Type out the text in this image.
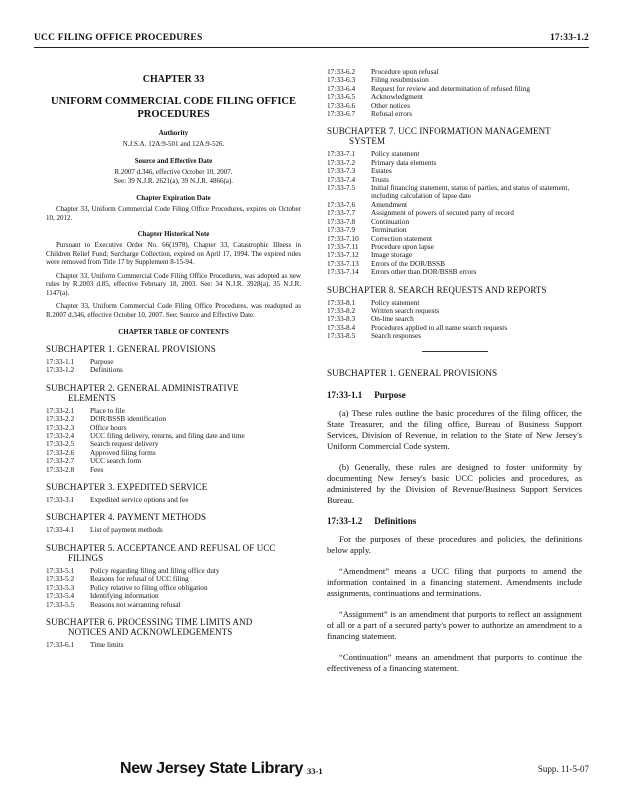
UCC FILING OFFICE PROCEDURES	17:33-1.2
CHAPTER 33
UNIFORM COMMERCIAL CODE FILING OFFICE PROCEDURES
Authority
N.J.S.A. 12A:9-501 and 12A:9-526.
Source and Effective Date
R.2007 d.346, effective October 10, 2007.
See: 39 N.J.R. 2621(a), 39 N.J.R. 4866(a).
Chapter Expiration Date
Chapter 33, Uniform Commercial Code Filing Office Procedures, expires on October 10, 2012.
Chapter Historical Note
Pursuant to Executive Order No. 66(1978), Chapter 33, Catastrophic Illness in Children Relief Fund; Surcharge Collection, expired on April 17, 1994. The expired rules were removed from Title 17 by Supplement 8-15-94.
Chapter 33, Uniform Commercial Code Filing Office Procedures, was adopted as new rules by R.2003 d.85, effective February 18, 2003. See: 34 N.J.R. 3928(a), 35 N.J.R. 1147(a).
Chapter 33, Uniform Commercial Code Filing Office Procedures, was readopted as R.2007 d.346, effective October 10, 2007. See: Source and Effective Date.
CHAPTER TABLE OF CONTENTS
SUBCHAPTER 1. GENERAL PROVISIONS
17:33-1.1	Purpose
17:33-1.2	Definitions
SUBCHAPTER 2. GENERAL ADMINISTRATIVE
ELEMENTS
17:33-2.1	Place to file
17:33-2.2	DOR/BSSB identification
17:33-2.3	Office hours
17:33-2.4	UCC filing delivery, returns, and filing date and time
17:33-2.5	Search request delivery
17:33-2.6	Approved filing forms
17:33-2.7	UCC search form
17:33-2.8	Fees
SUBCHAPTER 3. EXPEDITED SERVICE
17:33-3.1	Expedited service options and fee
SUBCHAPTER 4. PAYMENT METHODS
17:33-4.1	List of payment methods
SUBCHAPTER 5. ACCEPTANCE AND REFUSAL OF UCC
FILINGS
17:33-5.1	Policy regarding filing and filing office duty
17:33-5.2	Reasons for refusal of UCC filing
17:33-5.3	Policy relative to filing office obligation
17:33-5.4	Identifying information
17:33-5.5	Reasons not warranting refusal
SUBCHAPTER 6. PROCESSING TIME LIMITS AND
NOTICES AND ACKNOWLEDGEMENTS
17:33-6.1	Time limits
17:33-6.2	Procedure upon refusal
17:33-6.3	Filing resubmission
17:33-6.4	Request for review and determination of refused filing
17:33-6.5	Acknowledgment
17:33-6.6	Other notices
17:33-6.7	Refusal errors
SUBCHAPTER 7. UCC INFORMATION MANAGEMENT
SYSTEM
17:33-7.1	Policy statement
17:33-7.2	Primary data elements
17:33-7.3	Estates
17:33-7.4	Trusts
17:33-7.5	Initial financing statement, status of parties, and status of statement, including calculation of lapse date
17:33-7.6	Amendment
17:33-7.7	Assignment of powers of secured party of record
17:33-7.8	Continuation
17:33-7.9	Termination
17:33-7.10	Correction statement
17:33-7.11	Procedure upon lapse
17:33-7.12	Image storage
17:33-7.13	Errors of the DOR/BSSB
17:33-7.14	Errors other than DOR/BSSB errors
SUBCHAPTER 8. SEARCH REQUESTS AND REPORTS
17:33-8.1	Policy statement
17:33-8.2	Written search requests
17:33-8.3	On-line search
17:33-8.4	Procedures applied to all name search requests
17:33-8.5	Search responses
SUBCHAPTER 1. GENERAL PROVISIONS
17:33-1.1 Purpose
(a) These rules outline the basic procedures of the filing officer, the State Treasurer, and the filing office, Bureau of Business Support Services, Division of Revenue, in relation to the State of New Jersey's Uniform Commercial Code system.
(b) Generally, these rules are designed to foster uniformity by documenting New Jersey's basic UCC policies and procedures, as administered by the Division of Revenue/Business Support Services Bureau.
17:33-1.2 Definitions
For the purposes of these procedures and policies, the definitions below apply.
“Amendment” means a UCC filing that purports to amend the information contained in a financing statement. Amendments include assignments, continuations and terminations.
“Assignment” is an amendment that purports to reflect an assignment of all or a part of a secured party's power to authorize an amendment to a financing statement.
“Continuation” means an amendment that purports to continue the effectiveness of a financing statement.
New Jersey State Library 33-1	Supp. 11-5-07
